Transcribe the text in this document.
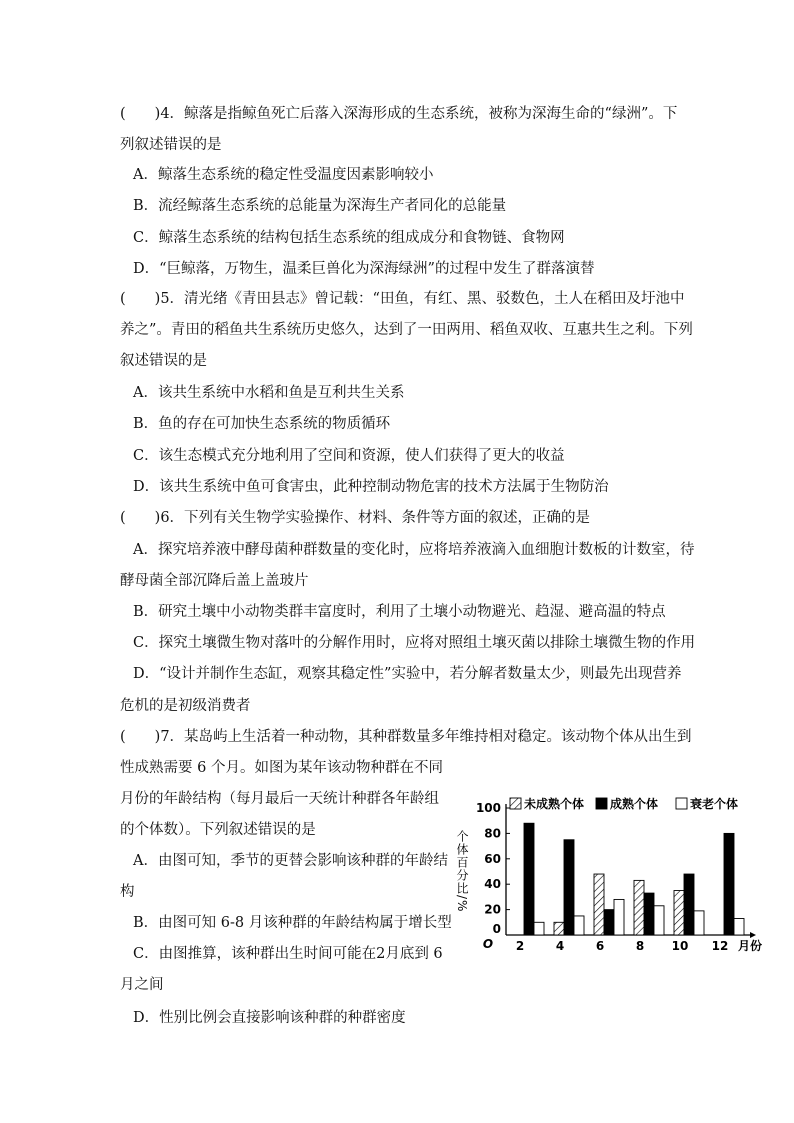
(　　)4．鲸落是指鲸鱼死亡后落入深海形成的生态系统，被称为深海生命的“绿洲”。下
列叙述错误的是
A．鲸落生态系统的稳定性受温度因素影响较小
B．流经鲸落生态系统的总能量为深海生产者同化的总能量
C．鲸落生态系统的结构包括生态系统的组成成分和食物链、食物网
D．“巨鲸落，万物生，温柔巨兽化为深海绿洲”的过程中发生了群落演替
(　　)5．清光绪《青田县志》曾记载：“田鱼，有红、黑、驳数色，土人在稻田及圩池中
养之”。青田的稻鱼共生系统历史悠久，达到了一田两用、稻鱼双收、互惠共生之利。下列
叙述错误的是
A．该共生系统中水稻和鱼是互利共生关系
B．鱼的存在可加快生态系统的物质循环
C．该生态模式充分地利用了空间和资源，使人们获得了更大的收益
D．该共生系统中鱼可食害虫，此种控制动物危害的技术方法属于生物防治
(　　)6．下列有关生物学实验操作、材料、条件等方面的叙述，正确的是
A．探究培养液中酵母菌种群数量的变化时，应将培养液滴入血细胞计数板的计数室，待
酵母菌全部沉降后盖上盖玻片
B．研究土壤中小动物类群丰富度时，利用了土壤小动物避光、趋湿、避高温的特点
C．探究土壤微生物对落叶的分解作用时，应将对照组土壤灭菌以排除土壤微生物的作用
D．“设计并制作生态缸，观察其稳定性”实验中，若分解者数量太少，则最先出现营养
危机的是初级消费者
(　　)7．某岛屿上生活着一种动物，其种群数量多年维持相对稳定。该动物个体从出生到
性成熟需要 6 个月。如图为某年该动物种群在不同
月份的年龄结构（每月最后一天统计种群各年龄组
的个体数）。下列叙述错误的是
A．由图可知，季节的更替会影响该种群的年龄结
构
B．由图可知 6-8 月该种群的年龄结构属于增长型
C．由图推算，该种群出生时间可能在2月底到 6
月之间
D．性别比例会直接影响该种群的种群密度
20
40
60
80
100
0
O
个体百分比/%
月份
2	4	6	8 10 12
未成熟个体 成熟个体	衰老个体
